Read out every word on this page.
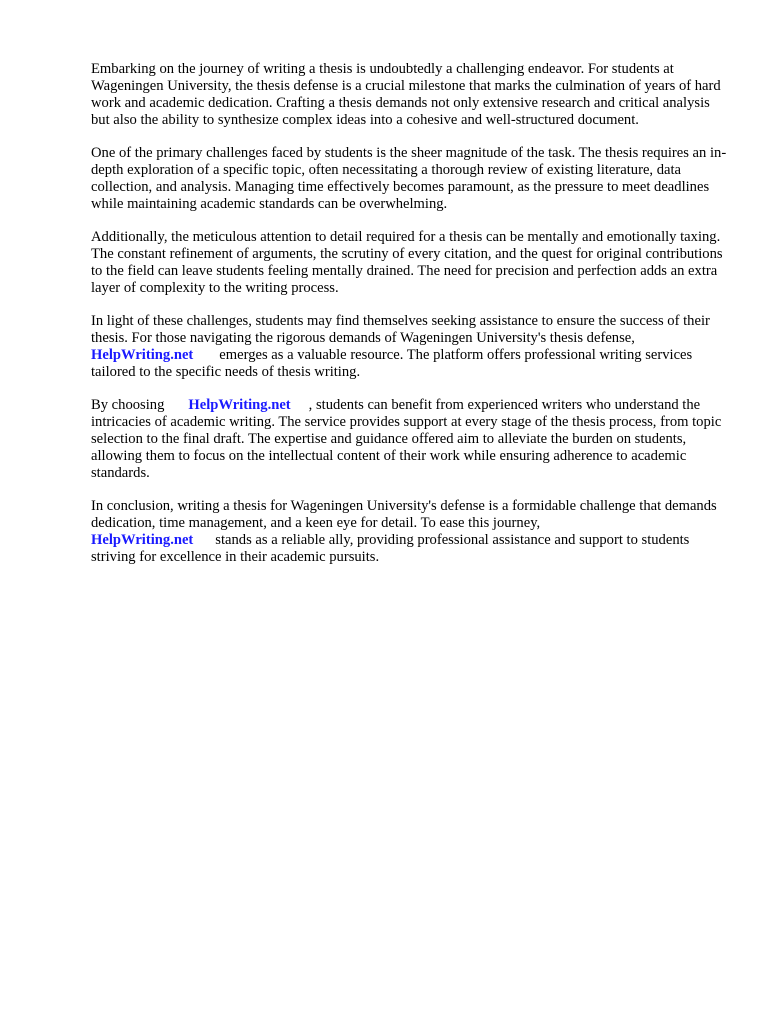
Embarking on the journey of writing a thesis is undoubtedly a challenging endeavor. For students at Wageningen University, the thesis defense is a crucial milestone that marks the culmination of years of hard work and academic dedication. Crafting a thesis demands not only extensive research and critical analysis but also the ability to synthesize complex ideas into a cohesive and well-structured document.

One of the primary challenges faced by students is the sheer magnitude of the task. The thesis requires an in-depth exploration of a specific topic, often necessitating a thorough review of existing literature, data collection, and analysis. Managing time effectively becomes paramount, as the pressure to meet deadlines while maintaining academic standards can be overwhelming.

Additionally, the meticulous attention to detail required for a thesis can be mentally and emotionally taxing. The constant refinement of arguments, the scrutiny of every citation, and the quest for original contributions to the field can leave students feeling mentally drained. The need for precision and perfection adds an extra layer of complexity to the writing process.

In light of these challenges, students may find themselves seeking assistance to ensure the success of their thesis. For those navigating the rigorous demands of Wageningen University's thesis defense,
HelpWriting.net emerges as a valuable resource. The platform offers professional writing services tailored to the specific needs of thesis writing.

By choosing HelpWriting.net , students can benefit from experienced writers who understand the intricacies of academic writing. The service provides support at every stage of the thesis process, from topic selection to the final draft. The expertise and guidance offered aim to alleviate the burden on students, allowing them to focus on the intellectual content of their work while ensuring adherence to academic standards.

In conclusion, writing a thesis for Wageningen University's defense is a formidable challenge that demands dedication, time management, and a keen eye for detail. To ease this journey,
HelpWriting.net stands as a reliable ally, providing professional assistance and support to students striving for excellence in their academic pursuits.
